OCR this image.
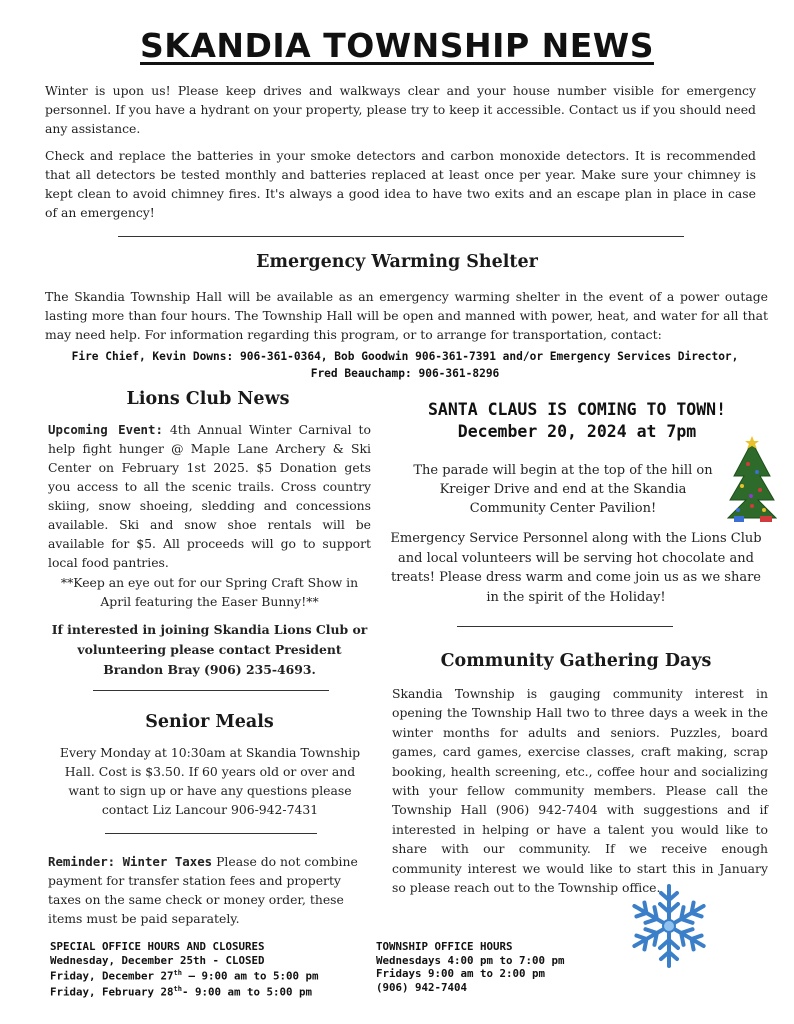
SKANDIA TOWNSHIP NEWS
Winter is upon us! Please keep drives and walkways clear and your house number visible for emergency personnel. If you have a hydrant on your property, please try to keep it accessible. Contact us if you should need any assistance.
Check and replace the batteries in your smoke detectors and carbon monoxide detectors. It is recommended that all detectors be tested monthly and batteries replaced at least once per year. Make sure your chimney is kept clean to avoid chimney fires. It's always a good idea to have two exits and an escape plan in place in case of an emergency!
Emergency Warming Shelter
The Skandia Township Hall will be available as an emergency warming shelter in the event of a power outage lasting more than four hours. The Township Hall will be open and manned with power, heat, and water for all that may need help. For information regarding this program, or to arrange for transportation, contact:
Fire Chief, Kevin Downs: 906-361-0364, Bob Goodwin 906-361-7391 and/or Emergency Services Director,
Fred Beauchamp: 906-361-8296
Lions Club News
Upcoming Event: 4th Annual Winter Carnival to help fight hunger @ Maple Lane Archery & Ski Center on February 1st 2025. $5 Donation gets you access to all the scenic trails. Cross country skiing, snow shoeing, sledding and concessions available. Ski and snow shoe rentals will be available for $5. All proceeds will go to support local food pantries.
**Keep an eye out for our Spring Craft Show in April featuring the Easer Bunny!**
If interested in joining Skandia Lions Club or volunteering please contact President Brandon Bray (906) 235-4693.
Senior Meals
Every Monday at 10:30am at Skandia Township Hall. Cost is $3.50. If 60 years old or over and want to sign up or have any questions please contact Liz Lancour 906-942-7431
Reminder: Winter Taxes Please do not combine payment for transfer station fees and property taxes on the same check or money order, these items must be paid separately.
SANTA CLAUS IS COMING TO TOWN!
December 20, 2024 at 7pm
The parade will begin at the top of the hill on Kreiger Drive and end at the Skandia Community Center Pavilion!
Emergency Service Personnel along with the Lions Club and local volunteers will be serving hot chocolate and treats! Please dress warm and come join us as we share in the spirit of the Holiday!
Community Gathering Days
Skandia Township is gauging community interest in opening the Township Hall two to three days a week in the winter months for adults and seniors. Puzzles, board games, card games, exercise classes, craft making, scrap booking, health screening, etc., coffee hour and socializing with your fellow community members. Please call the Township Hall (906) 942-7404 with suggestions and if interested in helping or have a talent you would like to share with our community. If we receive enough community interest we would like to start this in January so please reach out to the Township office.
SPECIAL OFFICE HOURS AND CLOSURES
Wednesday, December 25th - CLOSED
Friday, December 27th – 9:00 am to 5:00 pm
Friday, February 28th- 9:00 am to 5:00 pm
TOWNSHIP OFFICE HOURS
Wednesdays 4:00 pm to 7:00 pm
Fridays 9:00 am to 2:00 pm
(906) 942-7404
